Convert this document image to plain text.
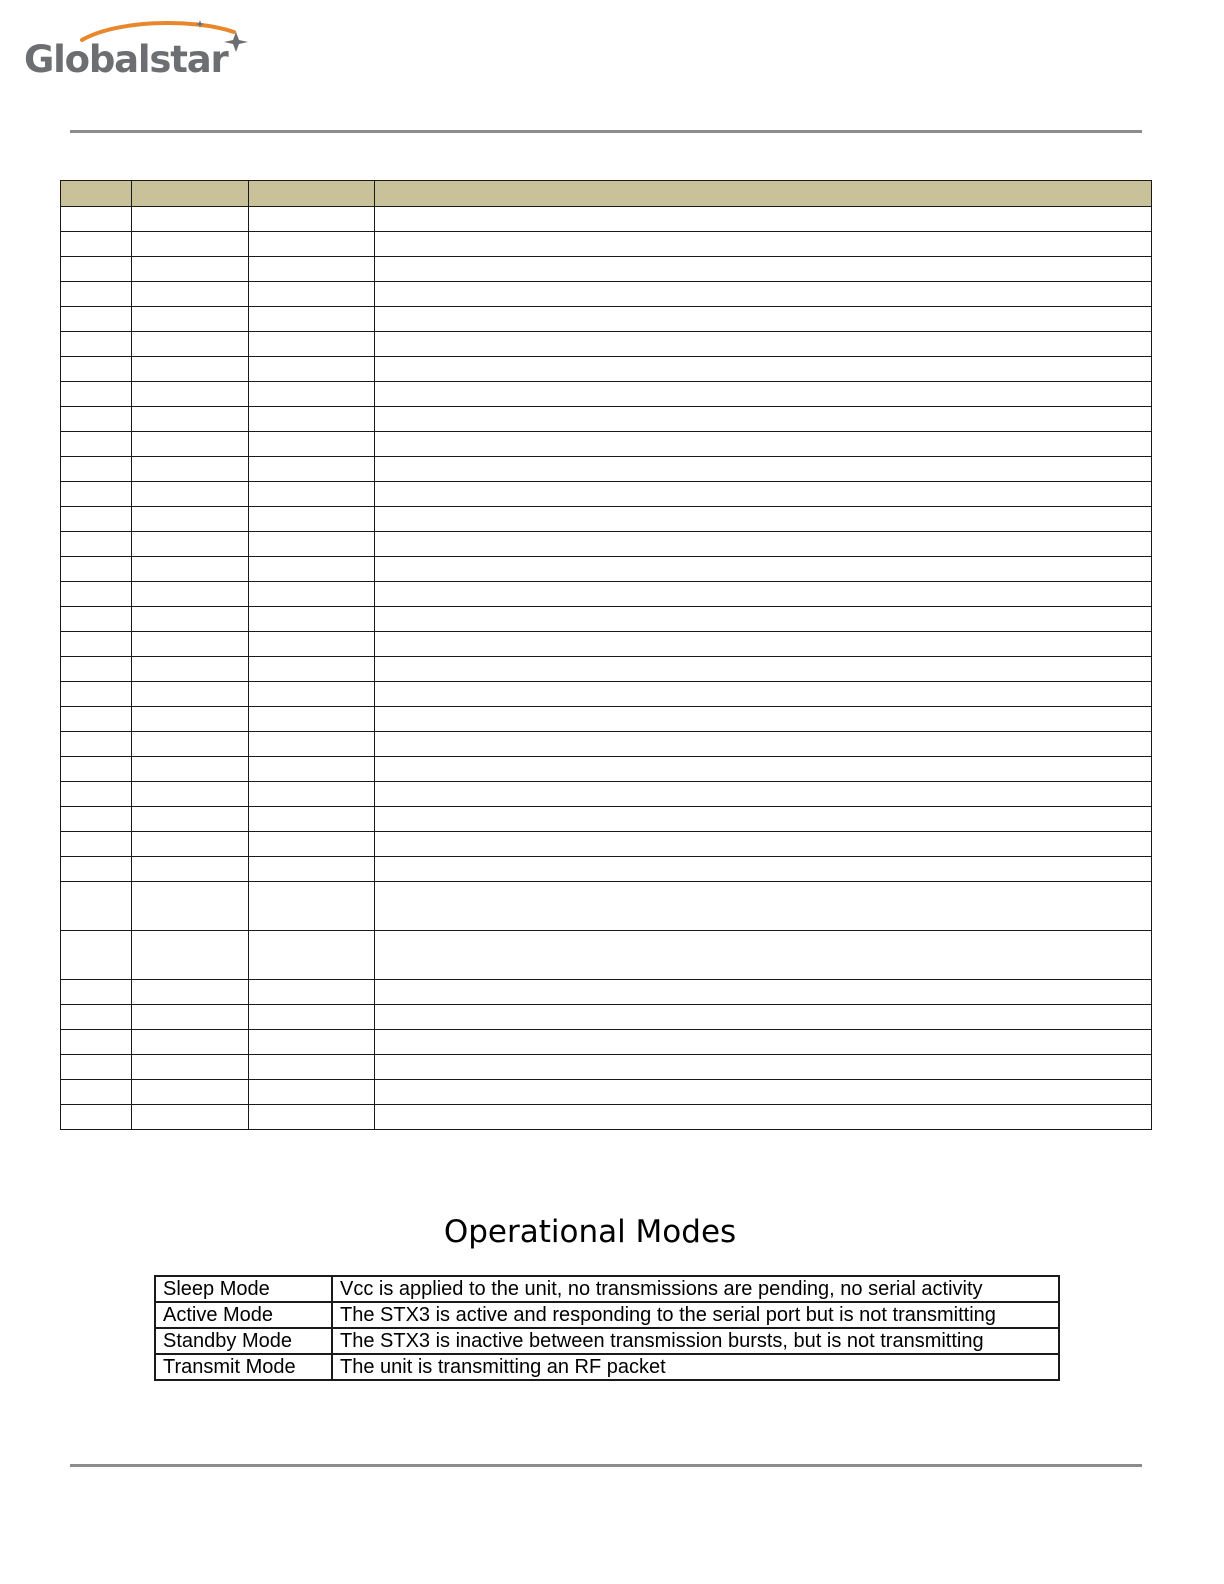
Globalstar

Operational Modes
Sleep Mode	Vcc is applied to the unit, no transmissions are pending, no serial activity
Active Mode	The STX3 is active and responding to the serial port but is not transmitting
Standby Mode	The STX3 is inactive between transmission bursts, but is not transmitting
Transmit Mode	The unit is transmitting an RF packet
